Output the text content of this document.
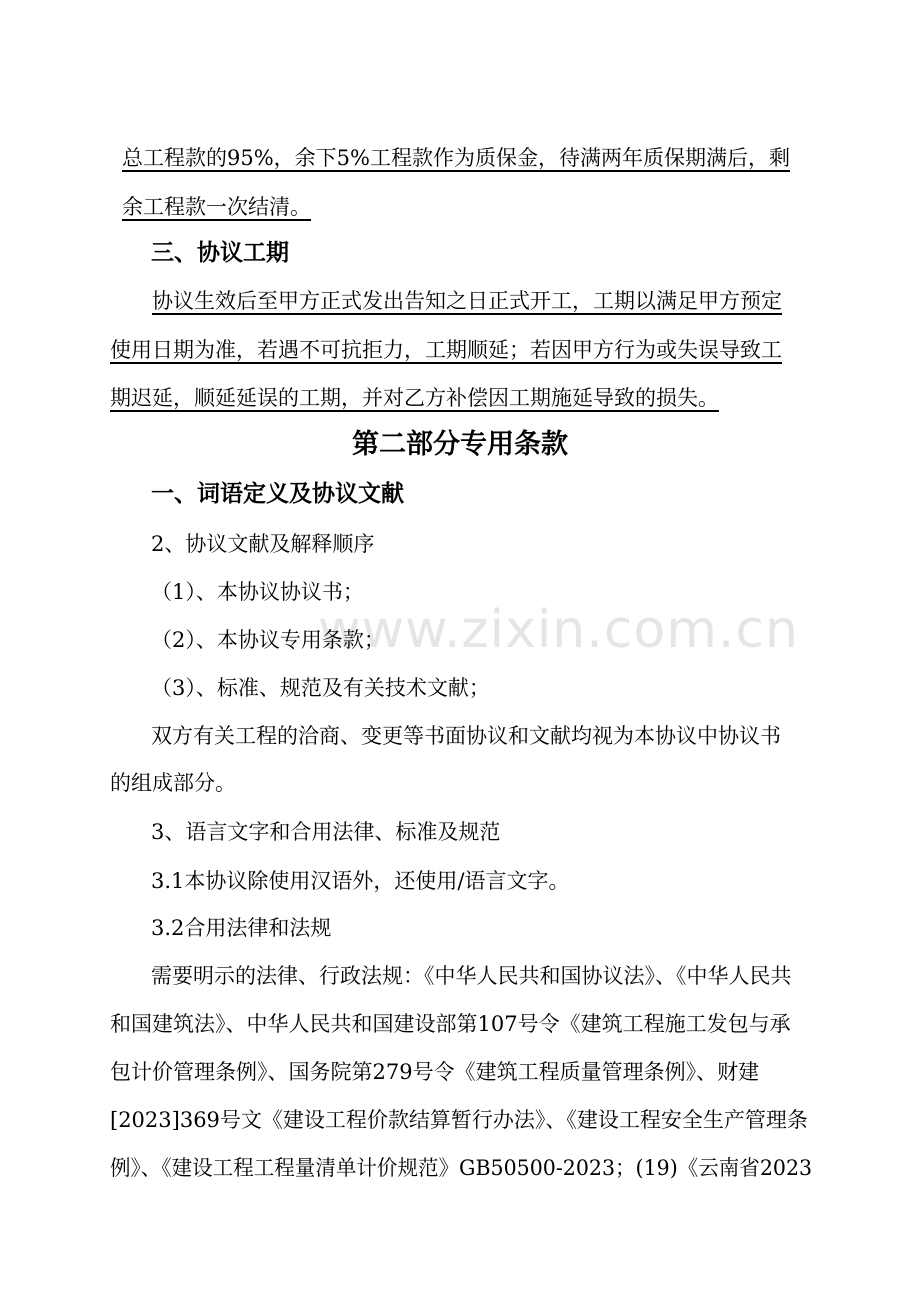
www.zixin.com.cn
总工程款的95%，余下5%工程款作为质保金，待满两年质保期满后，剩
余工程款一次结清。
三、协议工期
协议生效后至甲方正式发出告知之日正式开工，工期以满足甲方预定
使用日期为准，若遇不可抗拒力，工期顺延；若因甲方行为或失误导致工
期迟延，顺延延误的工期，并对乙方补偿因工期施延导致的损失。
第二部分专用条款
一、词语定义及协议文献
2、协议文献及解释顺序
（1）、本协议协议书；
（2）、本协议专用条款；
（3）、标准、规范及有关技术文献；
双方有关工程的洽商、变更等书面协议和文献均视为本协议中协议书
的组成部分。
3、语言文字和合用法律、标准及规范
3.1本协议除使用汉语外，还使用/语言文字。
3.2合用法律和法规
需要明示的法律、行政法规：《中华人民共和国协议法》、《中华人民共
和国建筑法》、中华人民共和国建设部第107号令《建筑工程施工发包与承
包计价管理条例》、国务院第279号令《建筑工程质量管理条例》、财建
[2023]369号文《建设工程价款结算暂行办法》、《建设工程安全生产管理条
例》、《建设工程工程量清单计价规范》GB50500-2023；(19)《云南省2023
